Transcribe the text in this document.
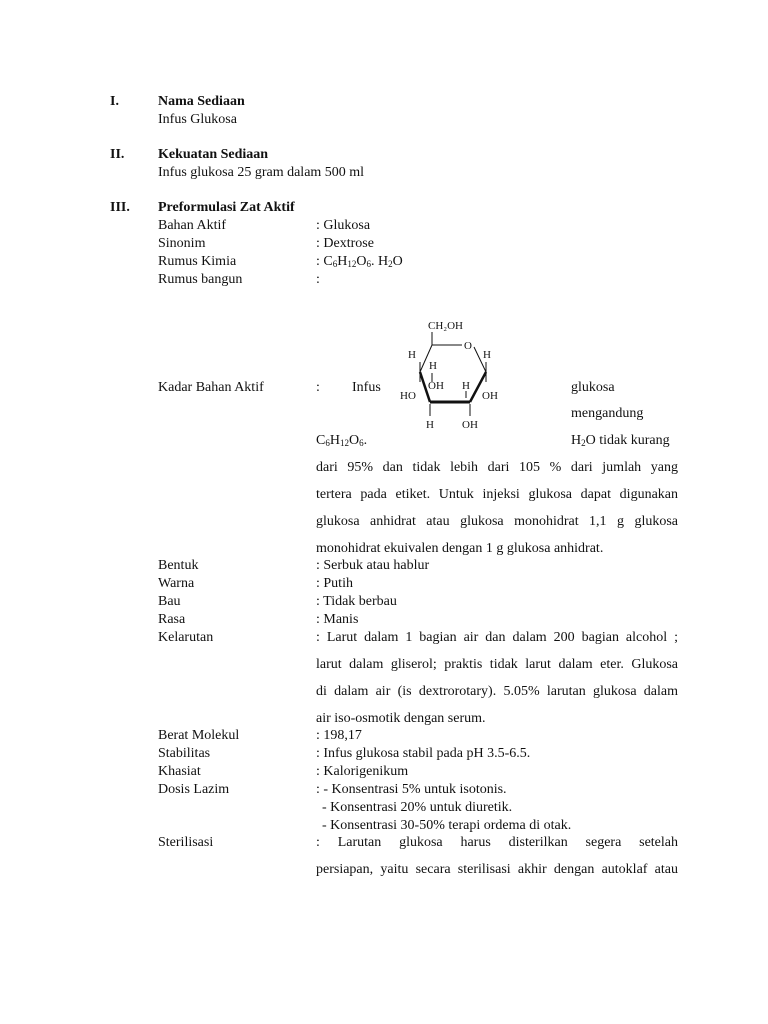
I.	Nama Sediaan
Infus Glukosa
II. Kekuatan Sediaan
Infus glukosa 25 gram dalam 500 ml
III. Preformulasi Zat Aktif
Bahan Aktif	: Glukosa
Sinonim	: Dextrose
Rumus Kimia	: $C_6H_{12}O_6$. $H_2O$
Rumus bangun	:
CH₂OH
O
H	H
H
OH H
OH
HO
H	OH
Kadar Bahan Aktif	: Infus	glukosa
mengandung
$C_6H_{12}O_6$.	$H_2O$ tidak kurang
dari 95% dan tidak lebih dari 105 % dari jumlah yang
tertera pada etiket. Untuk injeksi glukosa dapat digunakan
glukosa anhidrat atau glukosa monohidrat 1,1 g glukosa
monohidrat ekuivalen dengan 1 g glukosa anhidrat.
Bentuk	: Serbuk atau hablur
Warna	: Putih
Bau	: Tidak berbau
Rasa	: Manis
Kelarutan	: Larut dalam 1 bagian air dan dalam 200 bagian alcohol ;
larut dalam gliserol; praktis tidak larut dalam eter. Glukosa
di dalam air (is dextrorotary). 5.05% larutan glukosa dalam
air iso-osmotik dengan serum.
Berat Molekul	: 198,17
Stabilitas	: Infus glukosa stabil pada pH 3.5-6.5.
Khasiat	: Kalorigenikum
Dosis Lazim	: - Konsentrasi 5% untuk isotonis.
- Konsentrasi 20% untuk diuretik.
- Konsentrasi 30-50% terapi ordema di otak.
Sterilisasi	: Larutan glukosa harus disterilkan segera setelah
persiapan, yaitu secara sterilisasi akhir dengan autoklaf atau
